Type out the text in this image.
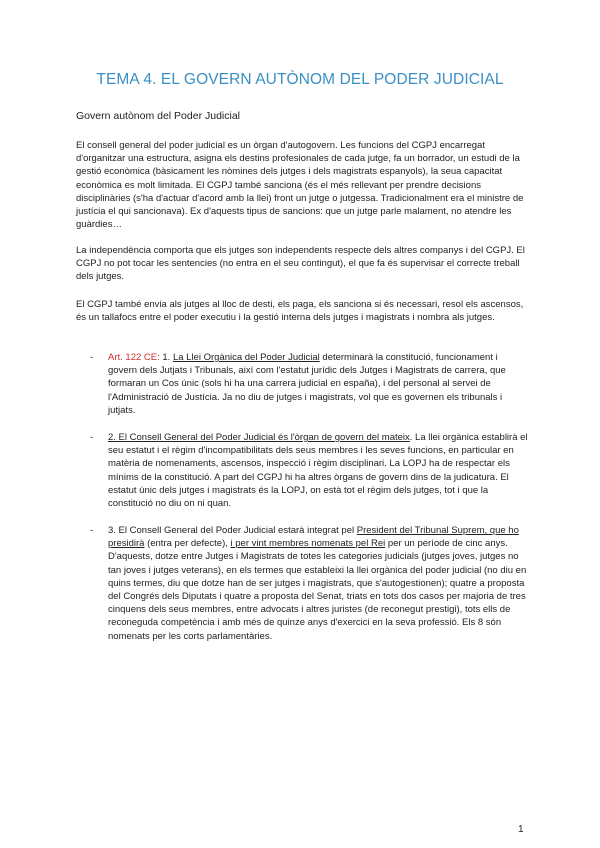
TEMA 4. EL GOVERN AUTÒNOM DEL PODER JUDICIAL

Govern autònom del Poder Judicial

El consell general del poder judicial es un òrgan d'autogovern. Les funcions del CGPJ encarregat d'organitzar una estructura, asigna els destins profesionales de cada jutge, fa un borrador, un estudi de la gestió econòmica (bàsicament les nòmines dels jutges i dels magistrats espanyols), la seua capacitat econòmica es molt limitada. El CGPJ també sanciona (és el més rellevant per prendre decisions disciplinàries (s'ha d'actuar d'acord amb la llei) front un jutge o jutgessa. Tradicionalment era el ministre de justícia el qui sancionava). Ex d'aquests tipus de sancions: que un jutge parle malament, no atendre les guàrdies…

La independència comporta que els jutges son independents respecte dels altres companys i del CGPJ. El CGPJ no pot tocar les sentencies (no entra en el seu contingut), el que fa és supervisar el correcte treball dels jutges.

El CGPJ també envia als jutges al lloc de desti, els paga, els sanciona si és necessari, resol els ascensos, és un tallafocs entre el poder executiu i la gestió interna dels jutges i magistrats i nombra als jutges.

- Art. 122 CE: 1. La Llei Orgànica del Poder Judicial determinarà la constitució, funcionament i govern dels Jutjats i Tribunals, així com l'estatut jurídic dels Jutges i Magistrats de carrera, que formaran un Cos únic (sols hi ha una carrera judicial en españa), i del personal al servei de l'Administració de Justícia. Ja no diu de jutges i magistrats, vol que es governen els tribunals i jutjats.
- 2. El Consell General del Poder Judicial és l'òrgan de govern del mateix. La llei orgànica establirà el seu estatut i el règim d'incompatibilitats dels seus membres i les seves funcions, en particular en matèria de nomenaments, ascensos, inspecció i règim disciplinari. La LOPJ ha de respectar els mínims de la constitució. A part del CGPJ hi ha altres òrgans de govern dins de la judicatura. El estatut únic dels jutges i magistrats és la LOPJ, on està tot el règim dels jutges, tot i que la constitució no diu on ni quan.
- 3. El Consell General del Poder Judicial estarà integrat pel President del Tribunal Suprem, que ho presidirà (entra per defecte), i per vint membres nomenats pel Rei per un període de cinc anys. D'aquests, dotze entre Jutges i Magistrats de totes les categories judicials (jutges joves, jutges no tan joves i jutges veterans), en els termes que estableixi la llei orgànica del poder judicial (no diu en quins termes, diu que dotze han de ser jutges i magistrats, que s'autogestionen); quatre a proposta del Congrés dels Diputats i quatre a proposta del Senat, triats en tots dos casos per majoria de tres cinquens dels seus membres, entre advocats i altres juristes (de reconegut prestigi), tots ells de reconeguda competència i amb més de quinze anys d'exercici en la seva professió. Els 8 són nomenats per les corts parlamentàries.
1
